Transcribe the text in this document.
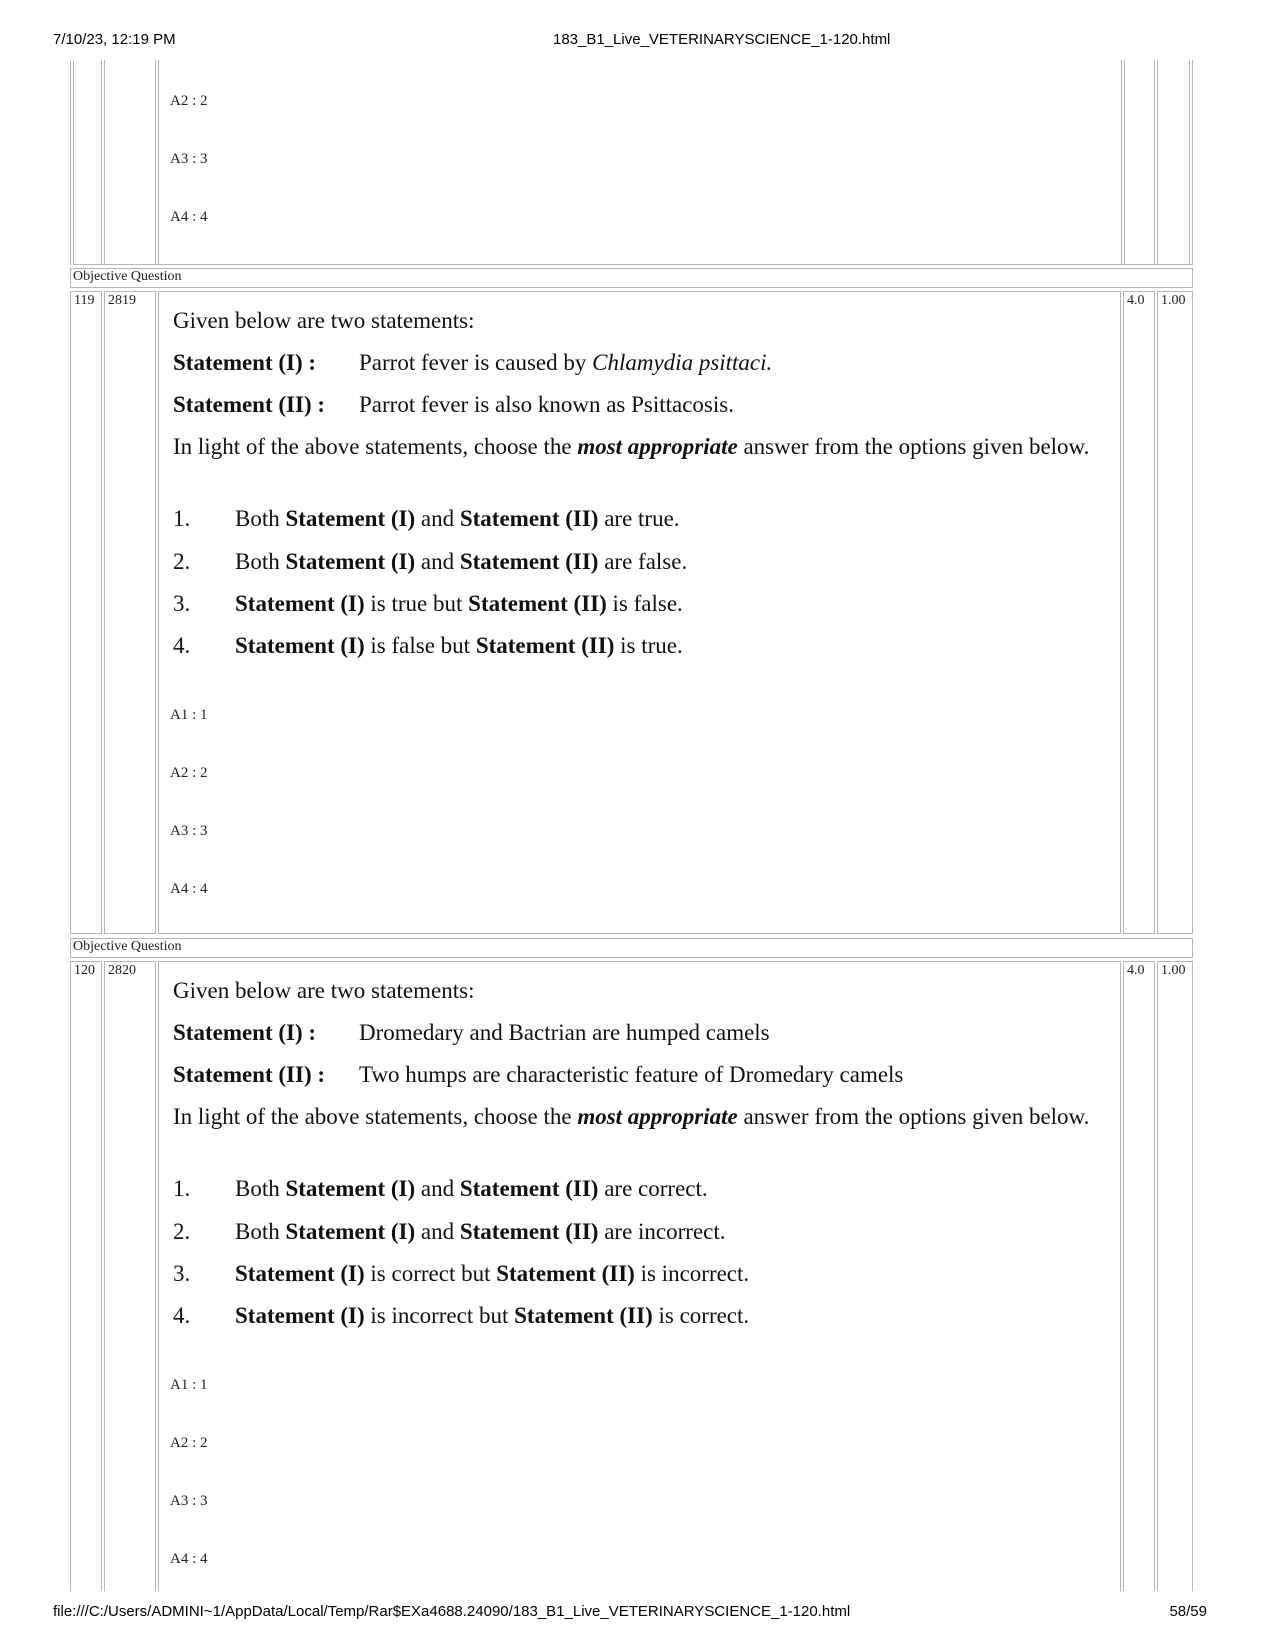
7/10/23, 12:19 PM	183_B1_Live_VETERINARYSCIENCE_1-120.html
A2 : 2
A3 : 3
A4 : 4
Objective Question
119 2819	4.0 1.00

Given below are two statements:

Statement (I) : Parrot fever is caused by Chlamydia psittaci.

Statement (II) : Parrot fever is also known as Psittacosis.

In light of the above statements, choose the most appropriate answer from the options given below.

1. Both Statement (I) and Statement (II) are true.

2. Both Statement (I) and Statement (II) are false.

3. Statement (I) is true but Statement (II) is false.

4. Statement (I) is false but Statement (II) is true.

A1 : 1
A2 : 2
A3 : 3
A4 : 4
Objective Question
120 2820	4.0 1.00

Given below are two statements:

Statement (I) : Dromedary and Bactrian are humped camels

Statement (II) : Two humps are characteristic feature of Dromedary camels

In light of the above statements, choose the most appropriate answer from the options given below.

1. Both Statement (I) and Statement (II) are correct.

2. Both Statement (I) and Statement (II) are incorrect.

3. Statement (I) is correct but Statement (II) is incorrect.

4. Statement (I) is incorrect but Statement (II) is correct.

A1 : 1
A2 : 2
A3 : 3
A4 : 4
file:///C:/Users/ADMINI~1/AppData/Local/Temp/Rar$EXa4688.24090/183_B1_Live_VETERINARYSCIENCE_1-120.html	58/59
